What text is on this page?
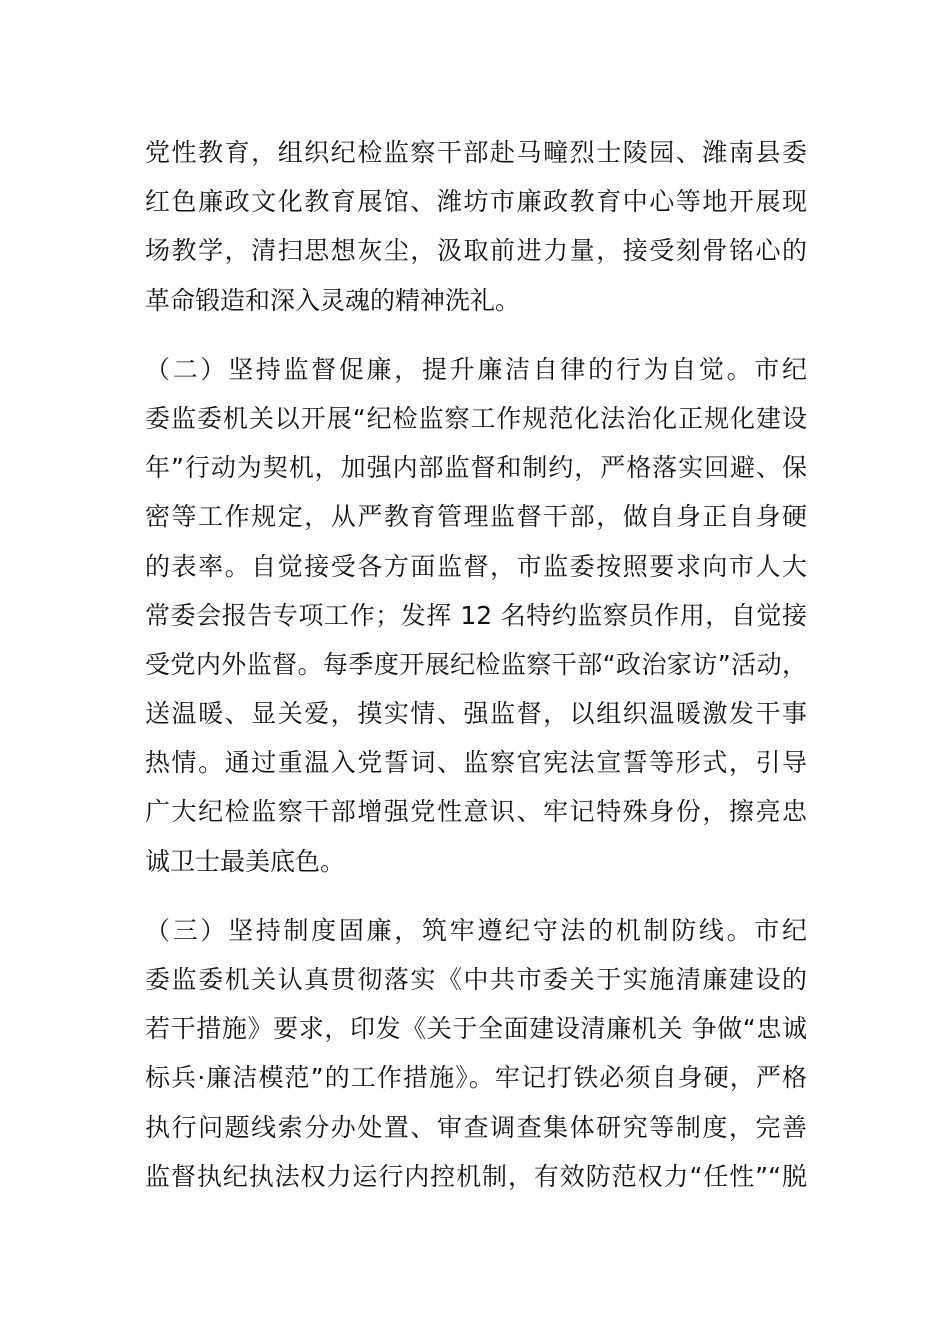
党性教育，组织纪检监察干部赴马疃烈士陵园、潍南县委
红色廉政文化教育展馆、潍坊市廉政教育中心等地开展现
场教学，清扫思想灰尘，汲取前进力量，接受刻骨铭心的
革命锻造和深入灵魂的精神洗礼。
（二）坚持监督促廉，提升廉洁自律的行为自觉。市纪
委监委机关以开展“纪检监察工作规范化法治化正规化建设
年”行动为契机，加强内部监督和制约，严格落实回避、保
密等工作规定，从严教育管理监督干部，做自身正自身硬
的表率。自觉接受各方面监督，市监委按照要求向市人大
常委会报告专项工作；发挥 12 名特约监察员作用，自觉接
受党内外监督。每季度开展纪检监察干部“政治家访”活动，
送温暖、显关爱，摸实情、强监督，以组织温暖激发干事
热情。通过重温入党誓词、监察官宪法宣誓等形式，引导
广大纪检监察干部增强党性意识、牢记特殊身份，擦亮忠
诚卫士最美底色。
（三）坚持制度固廉，筑牢遵纪守法的机制防线。市纪
委监委机关认真贯彻落实《中共市委关于实施清廉建设的
若干措施》要求，印发《关于全面建设清廉机关 争做“忠诚
标兵·廉洁模范”的工作措施》。牢记打铁必须自身硬，严格
执行问题线索分办处置、审查调查集体研究等制度，完善
监督执纪执法权力运行内控机制，有效防范权力“任性”“脱
